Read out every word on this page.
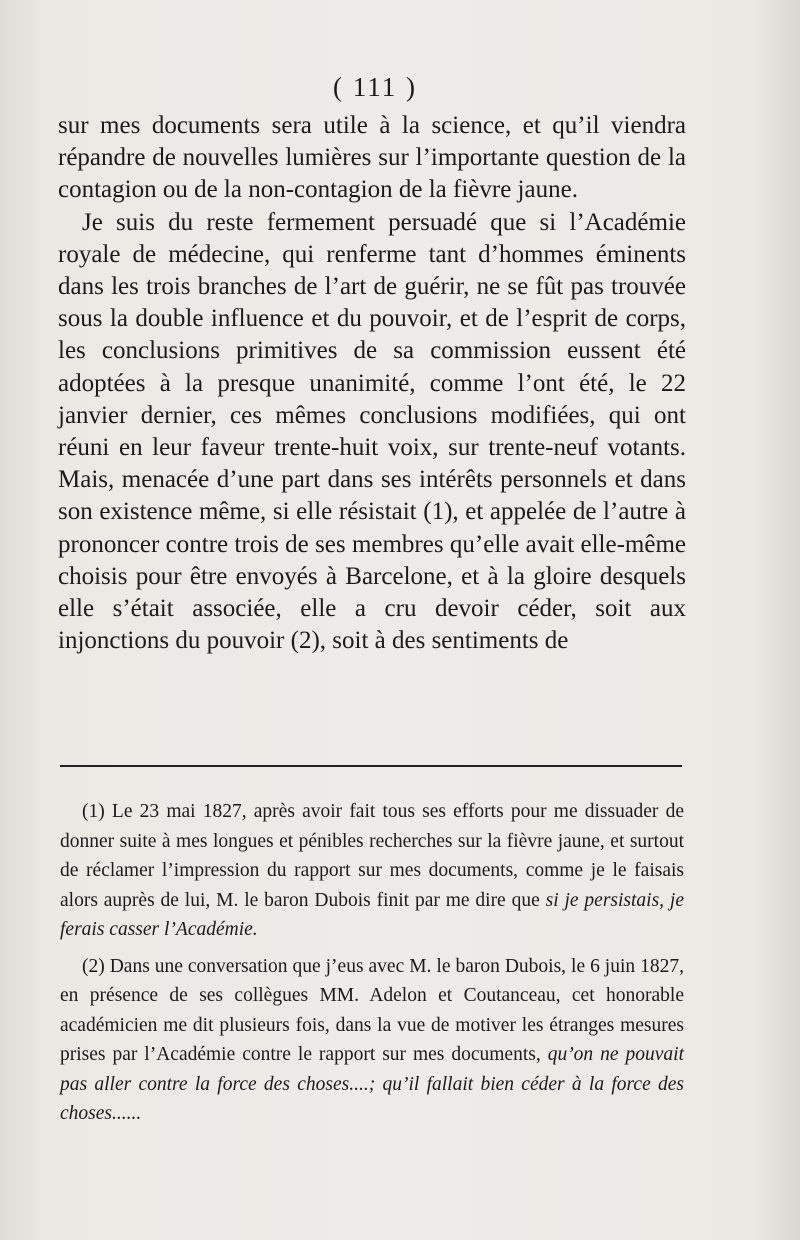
( 111 )

sur mes documents sera utile à la science, et qu’il viendra répandre de nouvelles lumières sur l’importante question de la contagion ou de la non-contagion de la fièvre jaune.

Je suis du reste fermement persuadé que si l’Académie royale de médecine, qui renferme tant d’hommes éminents dans les trois branches de l’art de guérir, ne se fût pas trouvée sous la double influence et du pouvoir, et de l’esprit de corps, les conclusions primitives de sa commission eussent été adoptées à la presque unanimité, comme l’ont été, le 22 janvier dernier, ces mêmes conclusions modifiées, qui ont réuni en leur faveur trente-huit voix, sur trente-neuf votants. Mais, menacée d’une part dans ses intérêts personnels et dans son existence même, si elle résistait (1), et appelée de l’autre à prononcer contre trois de ses membres qu’elle avait elle-même choisis pour être envoyés à Barcelone, et à la gloire desquels elle s’était associée, elle a cru devoir céder, soit aux injonctions du pouvoir (2), soit à des sentiments de

(1) Le 23 mai 1827, après avoir fait tous ses efforts pour me dissuader de donner suite à mes longues et pénibles recherches sur la fièvre jaune, et surtout de réclamer l’impression du rapport sur mes documents, comme je le faisais alors auprès de lui, M. le baron Dubois finit par me dire que si je persistais, je ferais casser l’Académie.

(2) Dans une conversation que j’eus avec M. le baron Dubois, le 6 juin 1827, en présence de ses collègues MM. Adelon et Coutanceau, cet honorable académicien me dit plusieurs fois, dans la vue de motiver les étranges mesures prises par l’Académie contre le rapport sur mes documents, qu’on ne pouvait pas aller contre la force des choses....; qu’il fallait bien céder à la force des choses......
